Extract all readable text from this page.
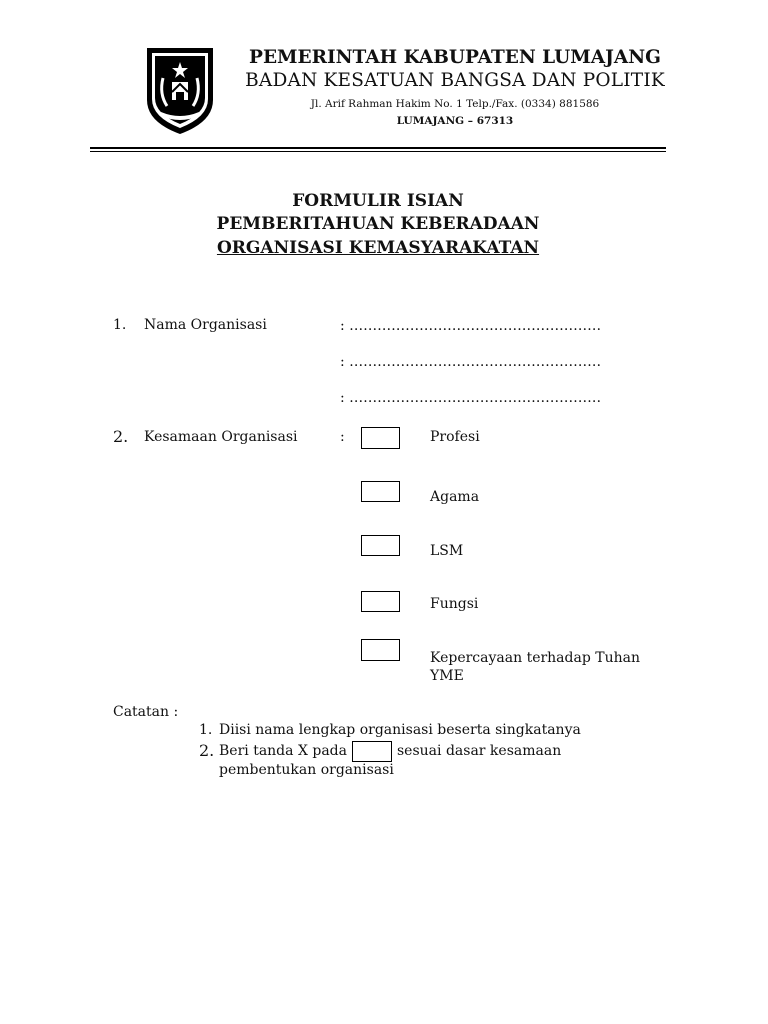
PEMERINTAH KABUPATEN LUMAJANG
BADAN KESATUAN BANGSA DAN POLITIK
Jl. Arif Rahman Hakim No. 1 Telp./Fax. (0334) 881586
LUMAJANG – 67313
FORMULIR ISIAN
PEMBERITAHUAN KEBERADAAN
ORGANISASI KEMASYARAKATAN
1. Nama Organisasi	: ………………………………………………
: ………………………………………………
: ………………………………………………
2. Kesamaan Organisasi	:	Profesi
Agama
LSM
Fungsi
Kepercayaan terhadap Tuhan
YME
Catatan :
1. Diisi nama lengkap organisasi beserta singkatanya
2. Beri tanda X pada	sesuai dasar kesamaan
pembentukan organisasi
